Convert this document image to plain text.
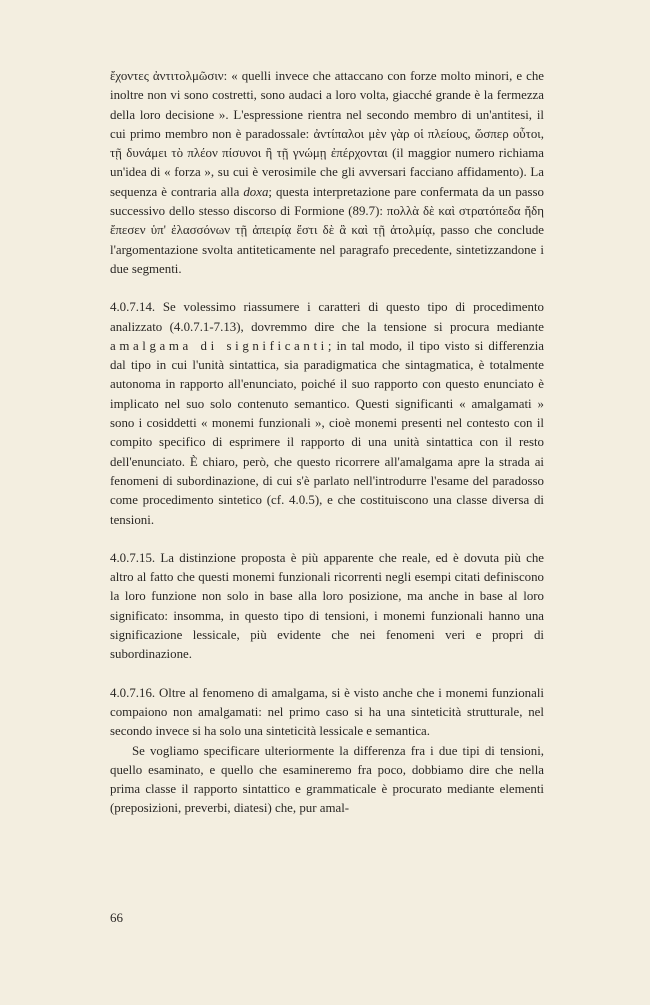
ἔχοντες ἀντιτολμῶσιν: « quelli invece che attaccano con forze molto minori, e che inoltre non vi sono costretti, sono audaci a loro volta, giacché grande è la fermezza della loro decisione ». L'espressione rientra nel secondo membro di un'antitesi, il cui primo membro non è paradossale: ἀντίπαλοι μὲν γὰρ οἱ πλείους, ὥσπερ οὗτοι, τῇ δυνάμει τὸ πλέον πίσυνοι ἢ τῇ γνώμῃ ἐπέρχονται (il maggior numero richiama un'idea di « forza », su cui è verosimile che gli avversari facciano affidamento). La sequenza è contraria alla doxa; questa interpretazione pare confermata da un passo successivo dello stesso discorso di Formione (89.7): πολλὰ δὲ καὶ στρατόπεδα ἤδη ἔπεσεν ὑπ' ἐλασσόνων τῇ ἀπειρίᾳ ἔστι δὲ ἃ καὶ τῇ ἀτολμίᾳ, passo che conclude l'argomentazione svolta antiteticamente nel paragrafo precedente, sintetizzandone i due segmenti.

4.0.7.14. Se volessimo riassumere i caratteri di questo tipo di procedimento analizzato (4.0.7.1-7.13), dovremmo dire che la tensione si procura mediante amalgama di significanti; in tal modo, il tipo visto si differenzia dal tipo in cui l'unità sintattica, sia paradigmatica che sintagmatica, è totalmente autonoma in rapporto all'enunciato, poiché il suo rapporto con questo enunciato è implicato nel suo solo contenuto semantico. Questi significanti « amalgamati » sono i cosiddetti « monemi funzionali », cioè monemi presenti nel contesto con il compito specifico di esprimere il rapporto di una unità sintattica con il resto dell'enunciato. È chiaro, però, che questo ricorrere all'amalgama apre la strada ai fenomeni di subordinazione, di cui s'è parlato nell'introdurre l'esame del paradosso come procedimento sintetico (cf. 4.0.5), e che costituiscono una classe diversa di tensioni.

4.0.7.15. La distinzione proposta è più apparente che reale, ed è dovuta più che altro al fatto che questi monemi funzionali ricorrenti negli esempi citati definiscono la loro funzione non solo in base alla loro posizione, ma anche in base al loro significato: insomma, in questo tipo di tensioni, i monemi funzionali hanno una significazione lessicale, più evidente che nei fenomeni veri e propri di subordinazione.

4.0.7.16. Oltre al fenomeno di amalgama, si è visto anche che i monemi funzionali compaiono non amalgamati: nel primo caso si ha una sinteticità strutturale, nel secondo invece si ha solo una sinteticità lessicale e semantica.

Se vogliamo specificare ulteriormente la differenza fra i due tipi di tensioni, quello esaminato, e quello che esamineremo fra poco, dobbiamo dire che nella prima classe il rapporto sintattico e grammaticale è procurato mediante elementi (preposizioni, preverbi, diatesi) che, pur amal-

66
